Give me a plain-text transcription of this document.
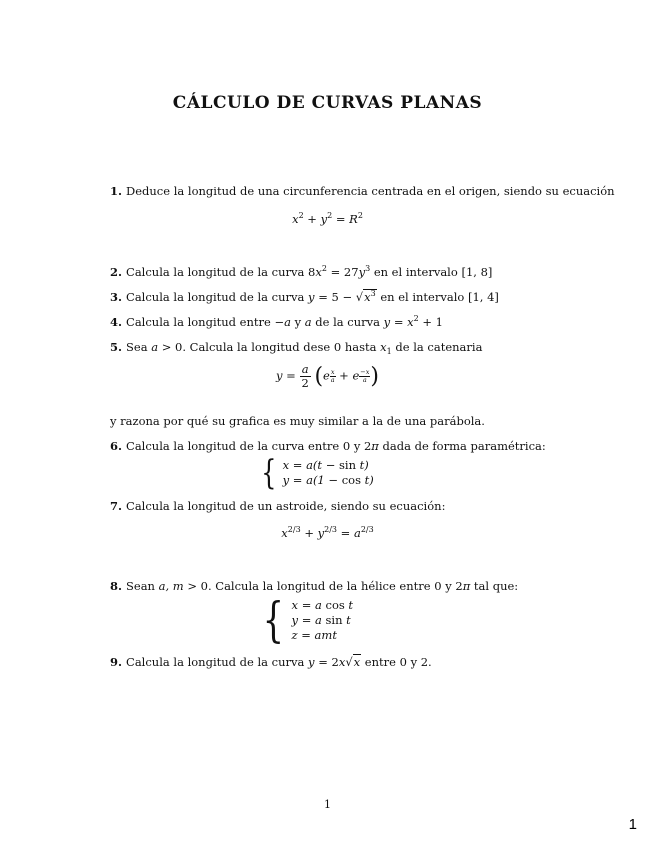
CÁLCULO DE CURVAS PLANAS
1. Deduce la longitud de una circunferencia centrada en el origen, siendo su ecuación
$x^2 + y^2 = R^2$
2. Calcula la longitud de la curva $8x^2 = 27y^3$ en el intervalo [1, 8]
3. Calcula la longitud de la curva $y = 5 - √x^3$ en el intervalo [1, 4]
4. Calcula la longitud entre −a y a de la curva $y = x^2 + 1$
5. Sea a > 0. Calcula la longitud dese 0 hasta $x_1$ de la catenaria
$y = \frac{a}{2} (e \frac{x}{a} + e \frac{-x}{a}$ )
y razona por qué su grafica es muy similar a la de una parábola.
6. Calcula la longitud de la curva entre 0 y 2π dada de forma paramétrica:
{ x = a(t − sin t)
y = a(1 − cos t)
7. Calcula la longitud de un astroide, siendo su ecuación:
$x^{2/3} + y^{2/3} = a^{2/3}$
8. Sean a, m > 0. Calcula la longitud de la hélice entre 0 y 2π tal que:
{ x = a cos t
y = a sin t
z = amt
9. Calcula la longitud de la curva y = 2x√x entre 0 y 2.
1
1
